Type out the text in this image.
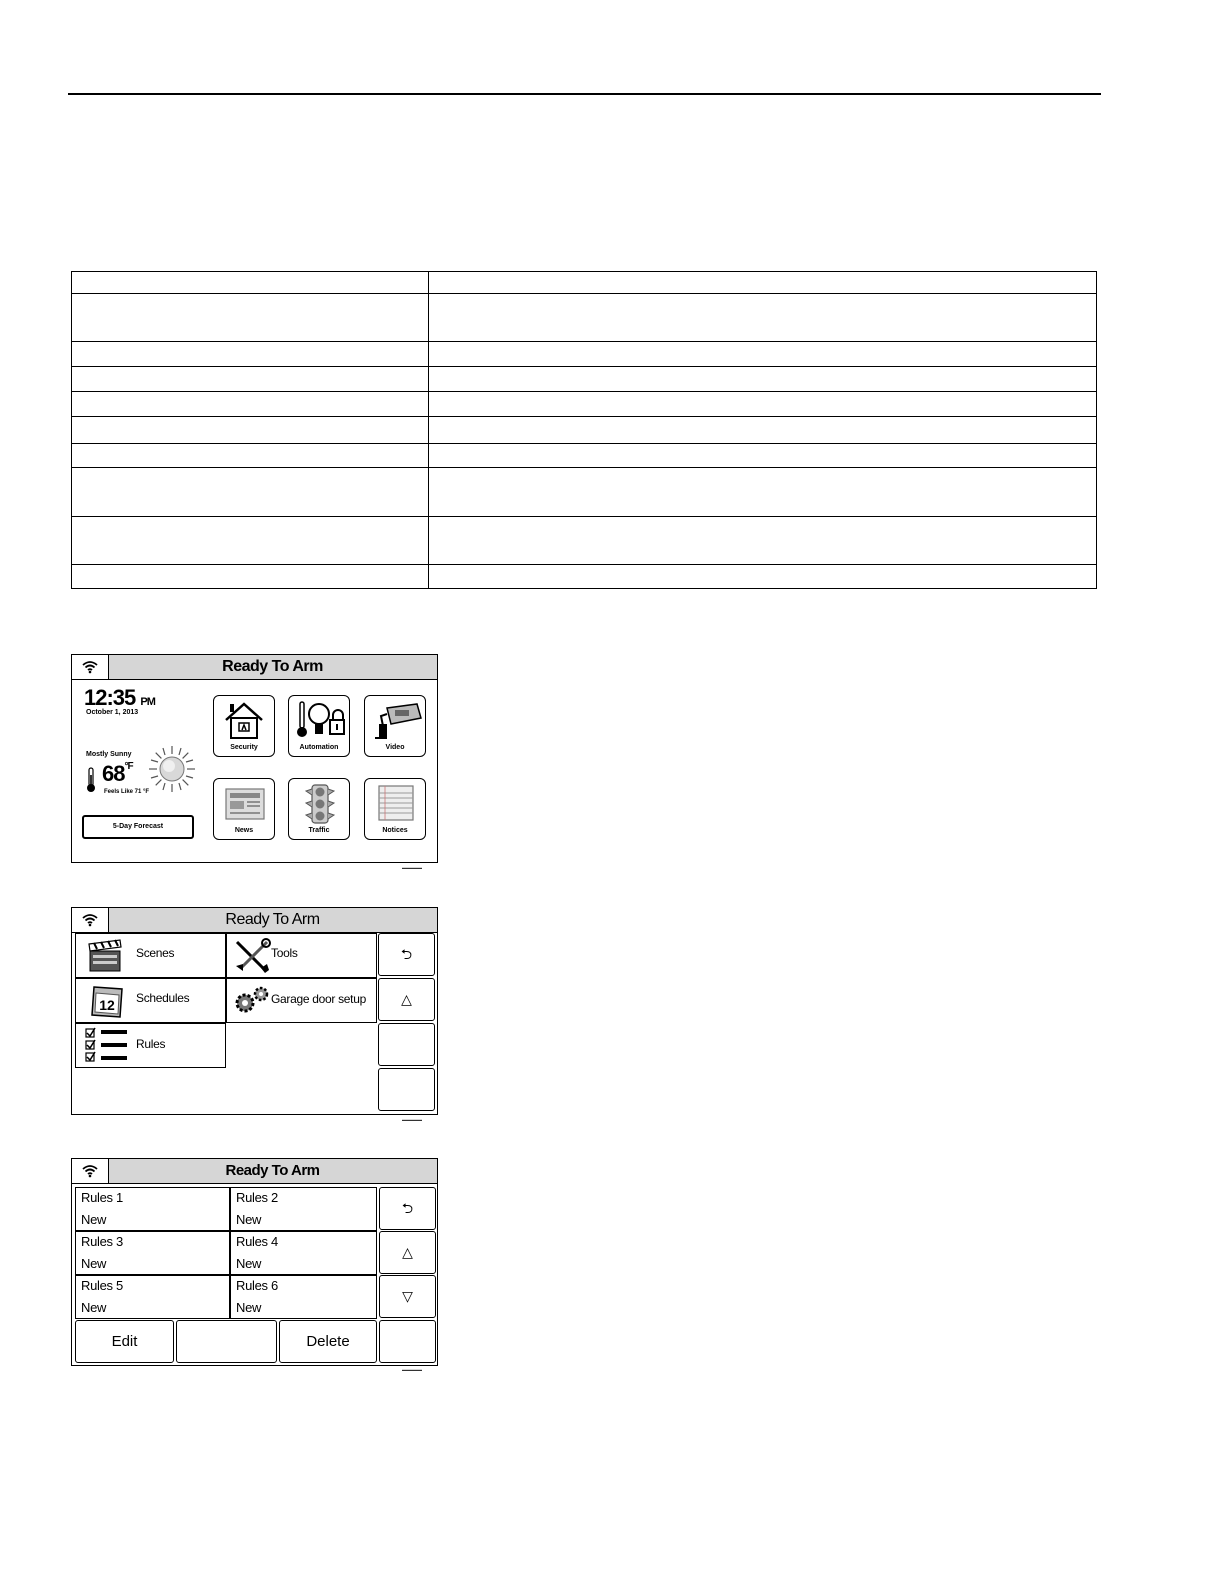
Ready To Arm
12:35 PM
October 1, 2013
Mostly Sunny
$68^{^\circ F}$
Feels Like 71 °F
5-Day Forecast
Security	Automation	Video
News	Traffic	Notices
▬▬▬▬▬
Ready To Arm
Scenes	Tools
12 Schedules	Garage door setup
Rules
⮌
△
▬▬▬▬▬
Ready To Arm
Rules 1
New
Rules 2
New
Rules 3
New
Rules 4
New
Rules 5
New
Rules 6
New
⮌
△
▽
Edit	Delete
▬▬▬▬▬
